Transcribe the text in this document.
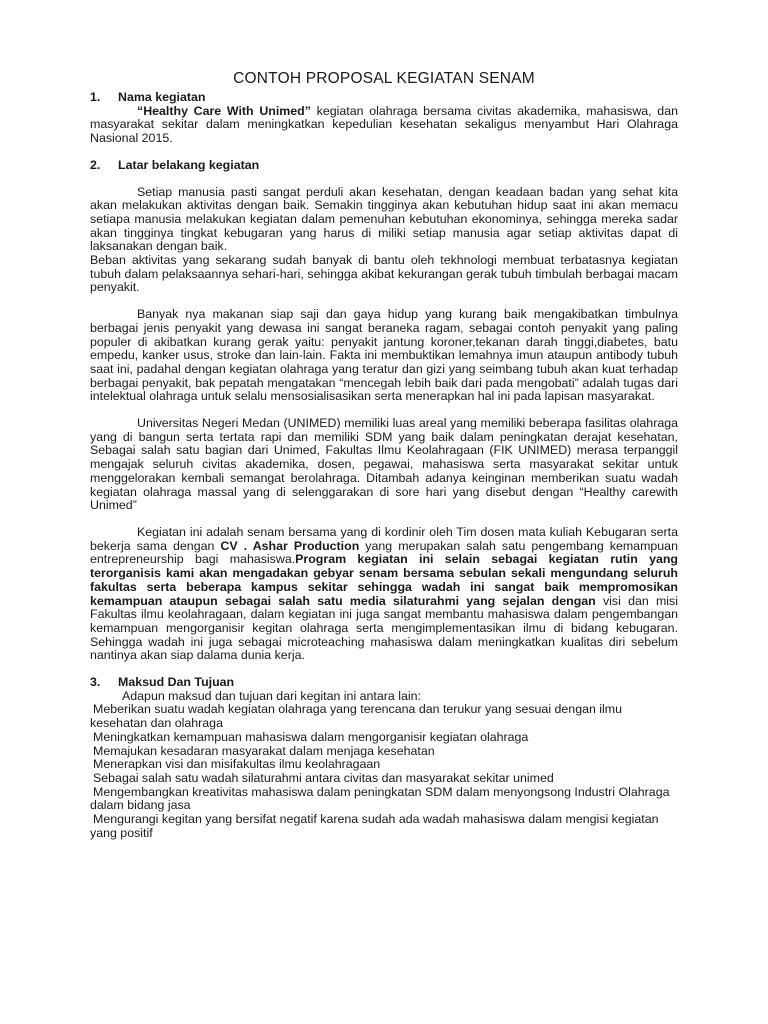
CONTOH PROPOSAL KEGIATAN SENAM
1.	Nama kegiatan

“Healthy Care With Unimed” kegiatan olahraga bersama civitas akademika, mahasiswa, dan masyarakat sekitar dalam meningkatkan kepedulian kesehatan sekaligus menyambut Hari Olahraga Nasional 2015.

2.	Latar belakang kegiatan

Setiap manusia pasti sangat perduli akan kesehatan, dengan keadaan badan yang sehat kita akan melakukan aktivitas dengan baik. Semakin tingginya akan kebutuhan hidup saat ini akan memacu setiapa manusia melakukan kegiatan dalam pemenuhan kebutuhan ekonominya, sehingga mereka sadar akan tingginya tingkat kebugaran yang harus di miliki setiap manusia agar setiap aktivitas dapat di laksanakan dengan baik.

Beban aktivitas yang sekarang sudah banyak di bantu oleh tekhnologi membuat terbatasnya kegiatan tubuh dalam pelaksaannya sehari-hari, sehingga akibat kekurangan gerak tubuh timbulah berbagai macam penyakit.

Banyak nya makanan siap saji dan gaya hidup yang kurang baik mengakibatkan timbulnya berbagai jenis penyakit yang dewasa ini sangat beraneka ragam, sebagai contoh penyakit yang paling populer di akibatkan kurang gerak yaitu: penyakit jantung koroner,tekanan darah tinggi,diabetes, batu empedu, kanker usus, stroke dan lain-lain. Fakta ini membuktikan lemahnya imun ataupun antibody tubuh saat ini, padahal dengan kegiatan olahraga yang teratur dan gizi yang seimbang tubuh akan kuat terhadap berbagai penyakit, bak pepatah mengatakan “mencegah lebih baik dari pada mengobati” adalah tugas dari intelektual olahraga untuk selalu mensosialisasikan serta menerapkan hal ini pada lapisan masyarakat.

Universitas Negeri Medan (UNIMED) memiliki luas areal yang memiliki beberapa fasilitas olahraga yang di bangun serta tertata rapi dan memiliki SDM yang baik dalam peningkatan derajat kesehatan, Sebagai salah satu bagian dari Unimed, Fakultas Ilmu Keolahragaan (FIK UNIMED) merasa terpanggil mengajak seluruh civitas akademika, dosen, pegawai, mahasiswa serta masyarakat sekitar untuk menggelorakan kembali semangat berolahraga. Ditambah adanya keinginan memberikan suatu wadah kegiatan olahraga massal yang di selenggarakan di sore hari yang disebut dengan “Healthy carewith Unimed”

Kegiatan ini adalah senam bersama yang di kordinir oleh Tim dosen mata kuliah Kebugaran serta bekerja sama dengan CV . Ashar Production yang merupakan salah satu pengembang kemampuan entrepreneurship bagi mahasiswa.Program kegiatan ini selain sebagai kegiatan rutin yang terorganisis kami akan mengadakan gebyar senam bersama sebulan sekali mengundang seluruh fakultas serta beberapa kampus sekitar sehingga wadah ini sangat baik mempromosikan kemampuan ataupun sebagai salah satu media silaturahmi yang sejalan dengan visi dan misi Fakultas ilmu keolahragaan, dalam kegiatan ini juga sangat membantu mahasiswa dalam pengembangan kemampuan mengorganisir kegitan olahraga serta mengimplementasikan ilmu di bidang kebugaran. Sehingga wadah ini juga sebagai microteaching mahasiswa dalam meningkatkan kualitas diri sebelum nantinya akan siap dalama dunia kerja.

3.	Maksud Dan Tujuan

Adapun maksud dan tujuan dari kegitan ini antara lain:

Meberikan suatu wadah kegiatan olahraga yang terencana dan terukur yang sesuai dengan ilmu kesehatan dan olahraga

Meningkatkan kemampuan mahasiswa dalam mengorganisir kegiatan olahraga

Memajukan kesadaran masyarakat dalam menjaga kesehatan

Menerapkan visi dan misifakultas ilmu keolahragaan

Sebagai salah satu wadah silaturahmi antara civitas dan masyarakat sekitar unimed

Mengembangkan kreativitas mahasiswa dalam peningkatan SDM dalam menyongsong Industri Olahraga dalam bidang jasa

Mengurangi kegitan yang bersifat negatif karena sudah ada wadah mahasiswa dalam mengisi kegiatan yang positif
